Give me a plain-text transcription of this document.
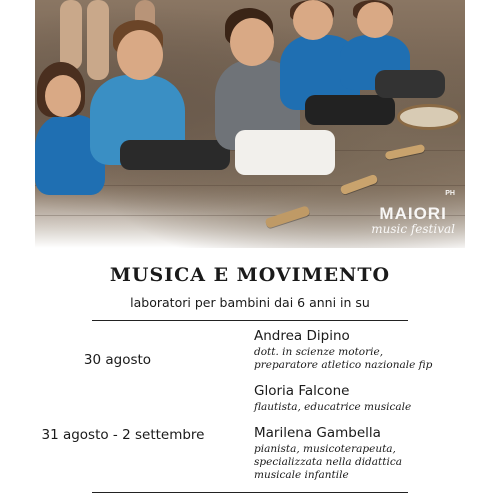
PH
MAIORI
music festival
MUSICA E MOVIMENTO
laboratori per bambini dai 6 anni in su
30 agosto
31 agosto - 2 settembre
Andrea Dipino
dott. in scienze motorie,
preparatore atletico nazionale fip
Gloria Falcone
flautista, educatrice musicale
Marilena Gambella
pianista, musicoterapeuta,
specializzata nella didattica
musicale infantile
